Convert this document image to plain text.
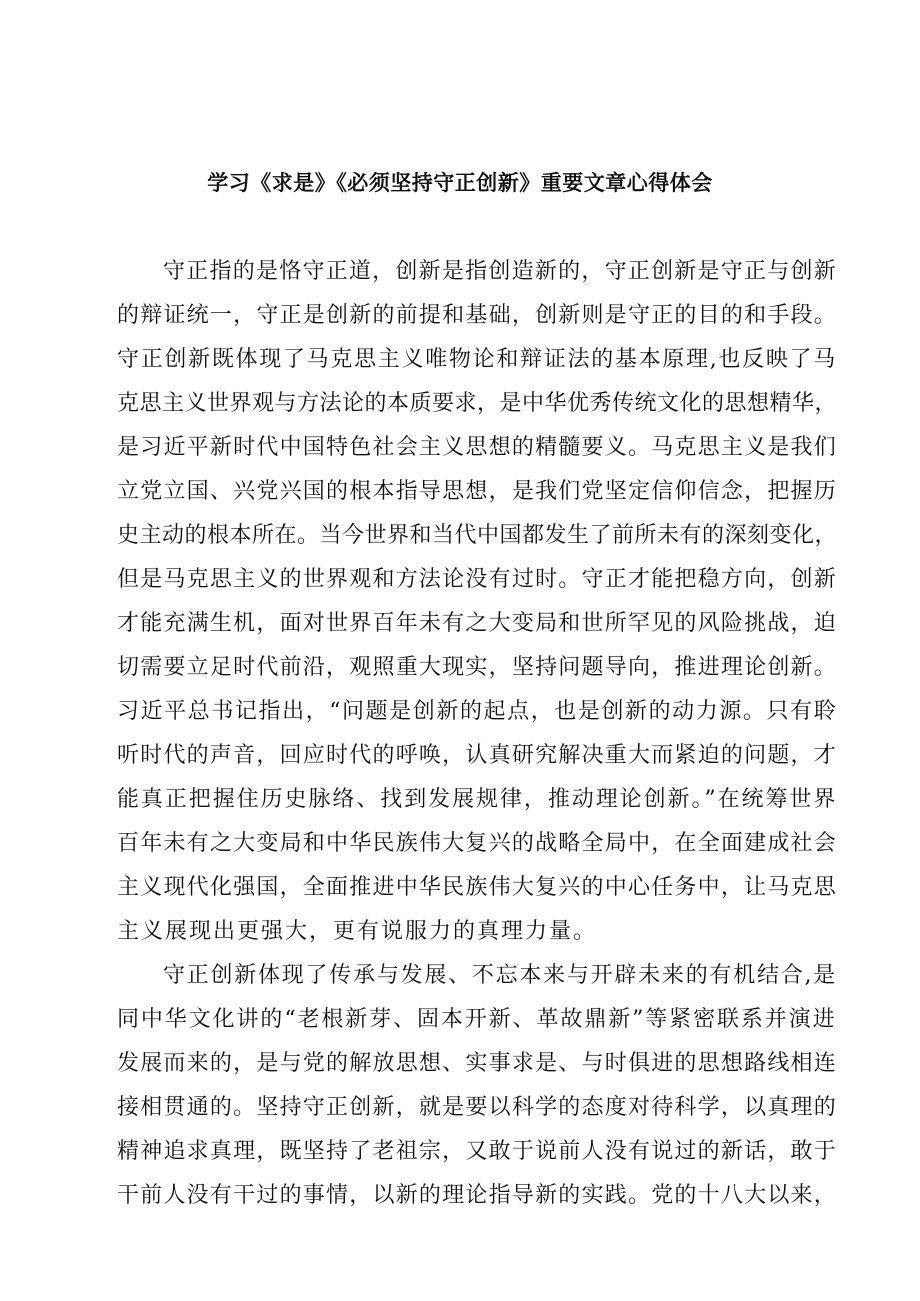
学习《求是》《必须坚持守正创新》重要文章心得体会
守正指的是恪守正道，创新是指创造新的，守正创新是守正与创新
的辩证统一，守正是创新的前提和基础，创新则是守正的目的和手段。
守正创新既体现了马克思主义唯物论和辩证法的基本原理,也反映了马
克思主义世界观与方法论的本质要求，是中华优秀传统文化的思想精华，
是习近平新时代中国特色社会主义思想的精髓要义。马克思主义是我们
立党立国、兴党兴国的根本指导思想，是我们党坚定信仰信念，把握历
史主动的根本所在。当今世界和当代中国都发生了前所未有的深刻变化，
但是马克思主义的世界观和方法论没有过时。守正才能把稳方向，创新
才能充满生机，面对世界百年未有之大变局和世所罕见的风险挑战，迫
切需要立足时代前沿，观照重大现实，坚持问题导向，推进理论创新。
习近平总书记指出，“问题是创新的起点，也是创新的动力源。只有聆
听时代的声音，回应时代的呼唤，认真研究解决重大而紧迫的问题，才
能真正把握住历史脉络、找到发展规律，推动理论创新。”在统筹世界
百年未有之大变局和中华民族伟大复兴的战略全局中，在全面建成社会
主义现代化强国，全面推进中华民族伟大复兴的中心任务中，让马克思
主义展现出更强大，更有说服力的真理力量。
守正创新体现了传承与发展、不忘本来与开辟未来的有机结合,是
同中华文化讲的“老根新芽、固本开新、革故鼎新”等紧密联系并演进
发展而来的，是与党的解放思想、实事求是、与时俱进的思想路线相连
接相贯通的。坚持守正创新，就是要以科学的态度对待科学，以真理的
精神追求真理，既坚持了老祖宗，又敢于说前人没有说过的新话，敢于
干前人没有干过的事情，以新的理论指导新的实践。党的十八大以来，
